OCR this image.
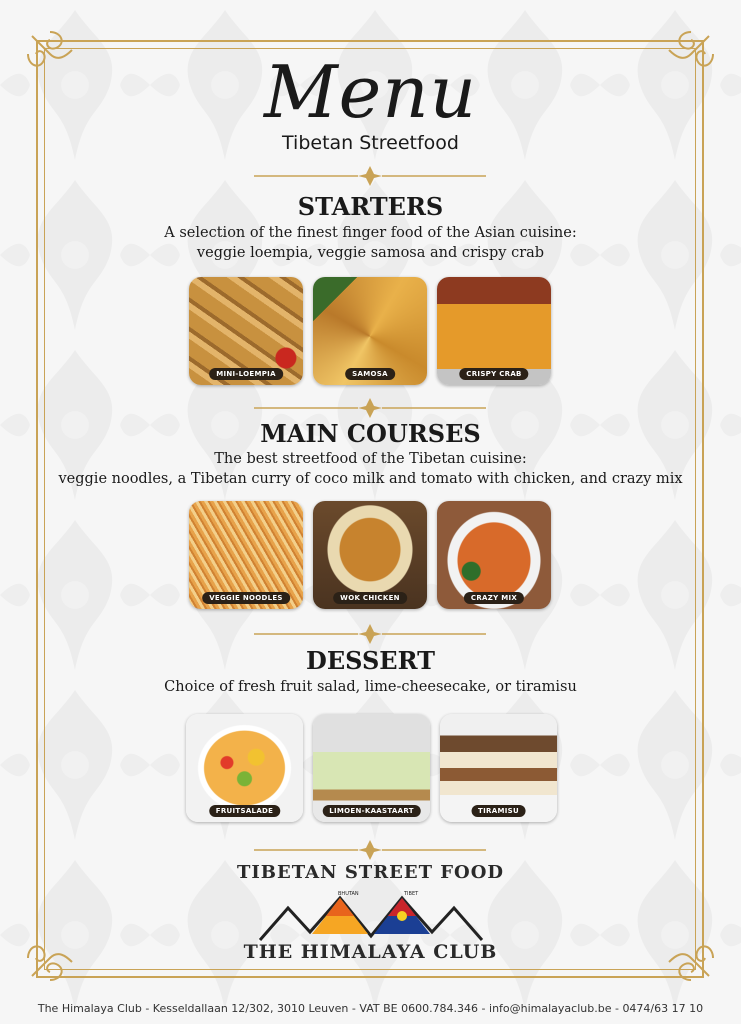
Menu
Tibetan Streetfood
STARTERS
A selection of the finest finger food of the Asian cuisine:
veggie loempia, veggie samosa and crispy crab
MINI-LOEMPIA	SAMOSA	CRISPY CRAB
MAIN COURSES
The best streetfood of the Tibetan cuisine:
veggie noodles, a Tibetan curry of coco milk and tomato with chicken, and crazy mix
VEGGIE NOODLES	WOK CHICKEN	CRAZY MIX
DESSERT
Choice of fresh fruit salad, lime-cheesecake, or tiramisu
FRUITSALADE	LIMOEN-KAASTAART	TIRAMISU
TIBETAN STREET FOOD
BHUTAN	TIBET
THE HIMALAYA CLUB
The Himalaya Club - Kesseldallaan 12/302, 3010 Leuven - VAT BE 0600.784.346 - info@himalayaclub.be - 0474/63 17 10
